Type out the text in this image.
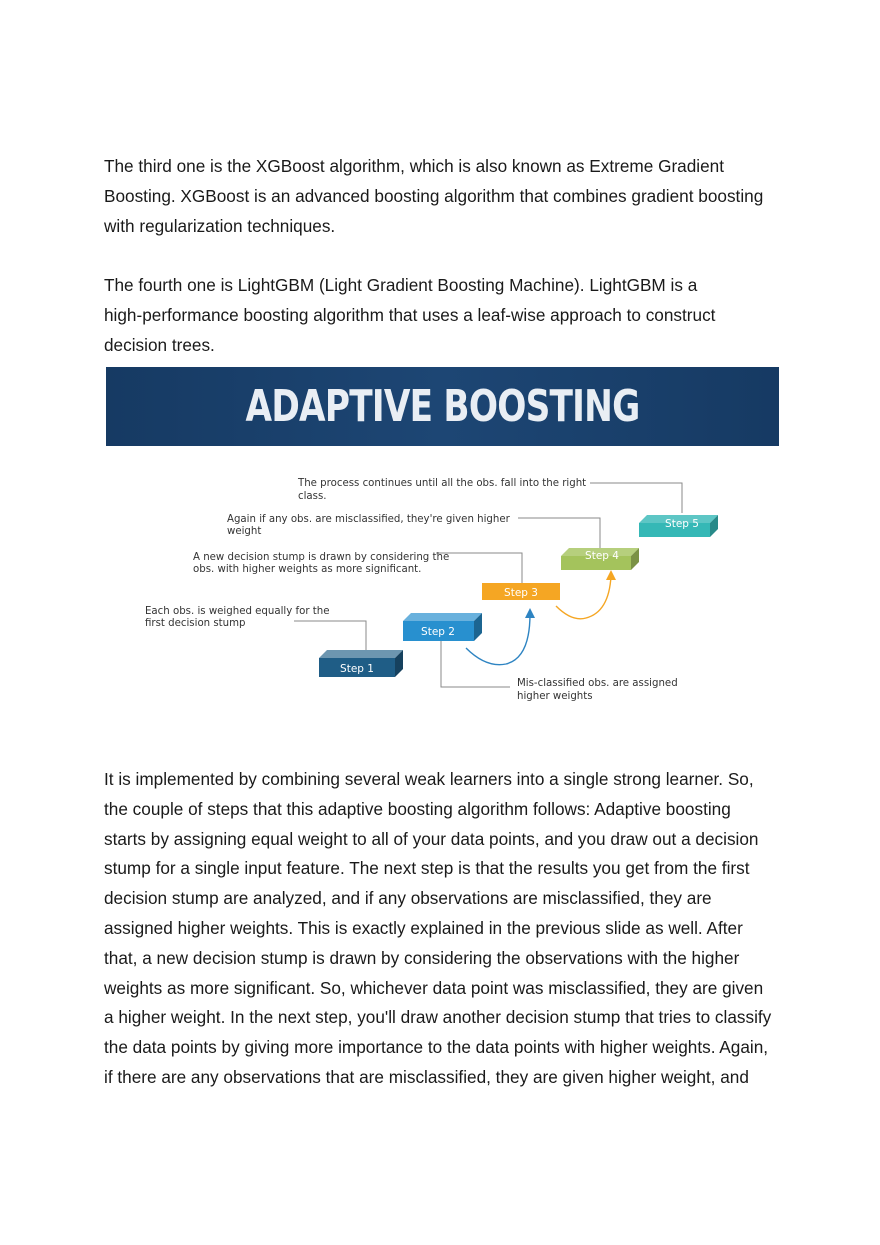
The third one is the XGBoost algorithm, which is also known as Extreme Gradient
Boosting. XGBoost is an advanced boosting algorithm that combines gradient boosting
with regularization techniques.

The fourth one is LightGBM (Light Gradient Boosting Machine). LightGBM is a
high-performance boosting algorithm that uses a leaf-wise approach to construct
decision trees.

ADAPTIVE BOOSTING
Step 1
Step 2
Step 3
Step 4
Step 5
The process continues until all the obs. fall into the right class.
Again if any obs. are misclassified, they're given higher weight
A new decision stump is drawn by considering the obs. with higher weights as more significant.
Each obs. is weighed equally for the first decision stump
Mis-classified obs. are assigned higher weights

It is implemented by combining several weak learners into a single strong learner. So,
the couple of steps that this adaptive boosting algorithm follows: Adaptive boosting
starts by assigning equal weight to all of your data points, and you draw out a decision
stump for a single input feature. The next step is that the results you get from the first
decision stump are analyzed, and if any observations are misclassified, they are
assigned higher weights. This is exactly explained in the previous slide as well. After
that, a new decision stump is drawn by considering the observations with the higher
weights as more significant. So, whichever data point was misclassified, they are given
a higher weight. In the next step, you'll draw another decision stump that tries to classify
the data points by giving more importance to the data points with higher weights. Again,
if there are any observations that are misclassified, they are given higher weight, and
